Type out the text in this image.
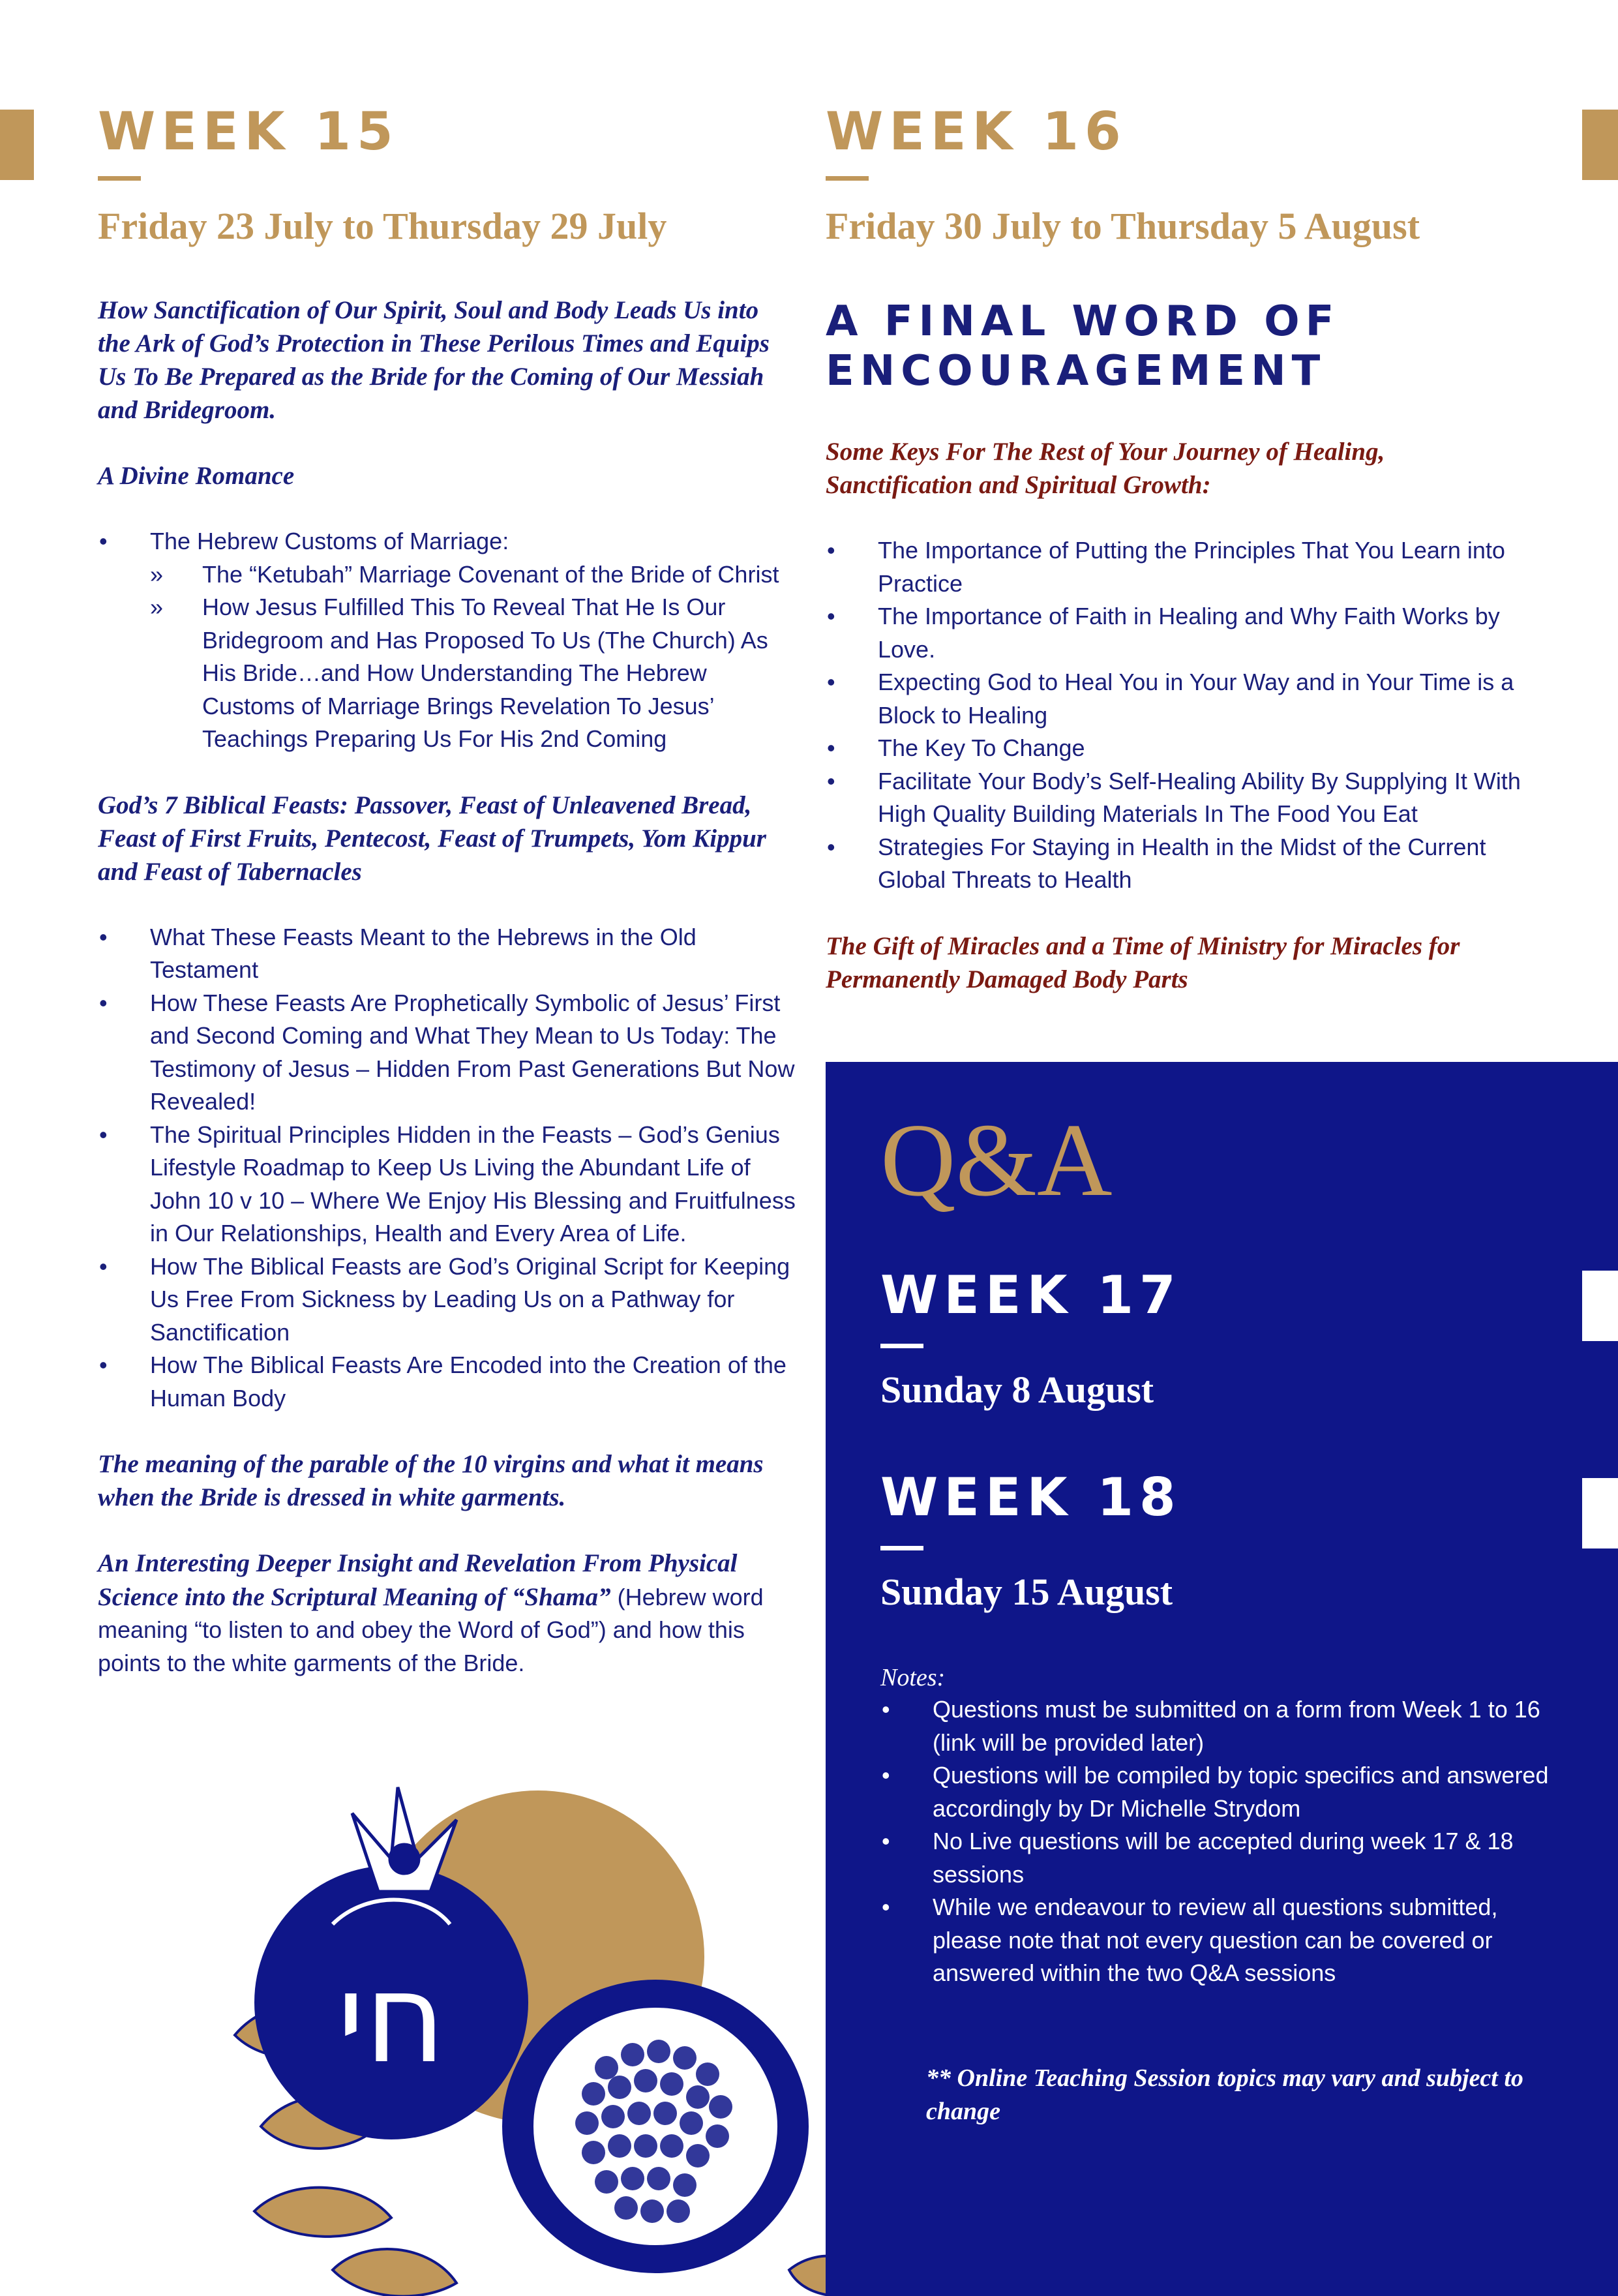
WEEK 15
Friday 23 July to Thursday 29 July
WEEK 16
Friday 30 July to Thursday 5 August

How Sanctification of Our Spirit, Soul and Body Leads Us into the Ark of God’s Protection in These Perilous Times and Equips Us To Be Prepared as the Bride for the Coming of Our Messiah and Bridegroom.

A Divine Romance

• The Hebrew Customs of Marriage:
» The “Ketubah” Marriage Covenant of the Bride of Christ
» How Jesus Fulfilled This To Reveal That He Is Our Bridegroom and Has Proposed To Us (The Church) As His Bride…and How Understanding The Hebrew Customs of Marriage Brings Revelation To Jesus’ Teachings Preparing Us For His 2nd Coming

God’s 7 Biblical Feasts: Passover, Feast of Unleavened Bread, Feast of First Fruits, Pentecost, Feast of Trumpets, Yom Kippur and Feast of Tabernacles

• What These Feasts Meant to the Hebrews in the Old Testament
• How These Feasts Are Prophetically Symbolic of Jesus’ First and Second Coming and What They Mean to Us Today: The Testimony of Jesus – Hidden From Past Generations But Now Revealed!
• The Spiritual Principles Hidden in the Feasts – God’s Genius Lifestyle Roadmap to Keep Us Living the Abundant Life of John 10 v 10 – Where We Enjoy His Blessing and Fruitfulness in Our Relationships, Health and Every Area of Life.
• How The Biblical Feasts are God’s Original Script for Keeping Us Free From Sickness by Leading Us on a Pathway for Sanctification
• How The Biblical Feasts Are Encoded into the Creation of the Human Body

The meaning of the parable of the 10 virgins and what it means when the Bride is dressed in white garments.

An Interesting Deeper Insight and Revelation From Physical Science into the Scriptural Meaning of “Shama” (Hebrew word meaning “to listen to and obey the Word of God”) and how this points to the white garments of the Bride.

A FINAL WORD OF
ENCOURAGEMENT

Some Keys For The Rest of Your Journey of Healing, Sanctification and Spiritual Growth:

• The Importance of Putting the Principles That You Learn into Practice
• The Importance of Faith in Healing and Why Faith Works by Love.
• Expecting God to Heal You in Your Way and in Your Time is a Block to Healing
• The Key To Change
• Facilitate Your Body’s Self-Healing Ability By Supplying It With High Quality Building Materials In The Food You Eat
• Strategies For Staying in Health in the Midst of the Current Global Threats to Health

The Gift of Miracles and a Time of Ministry for Miracles for Permanently Damaged Body Parts

חי
Q&A
WEEK 17
Sunday 8 August
WEEK 18
Sunday 15 August

Notes:

• Questions must be submitted on a form from Week 1 to 16 (link will be provided later)
• Questions will be compiled by topic specifics and answered accordingly by Dr Michelle Strydom
• No Live questions will be accepted during week 17 & 18 sessions
• While we endeavour to review all questions submitted, please note that not every question can be covered or answered within the two Q&A sessions

** Online Teaching Session topics may vary and subject to change
